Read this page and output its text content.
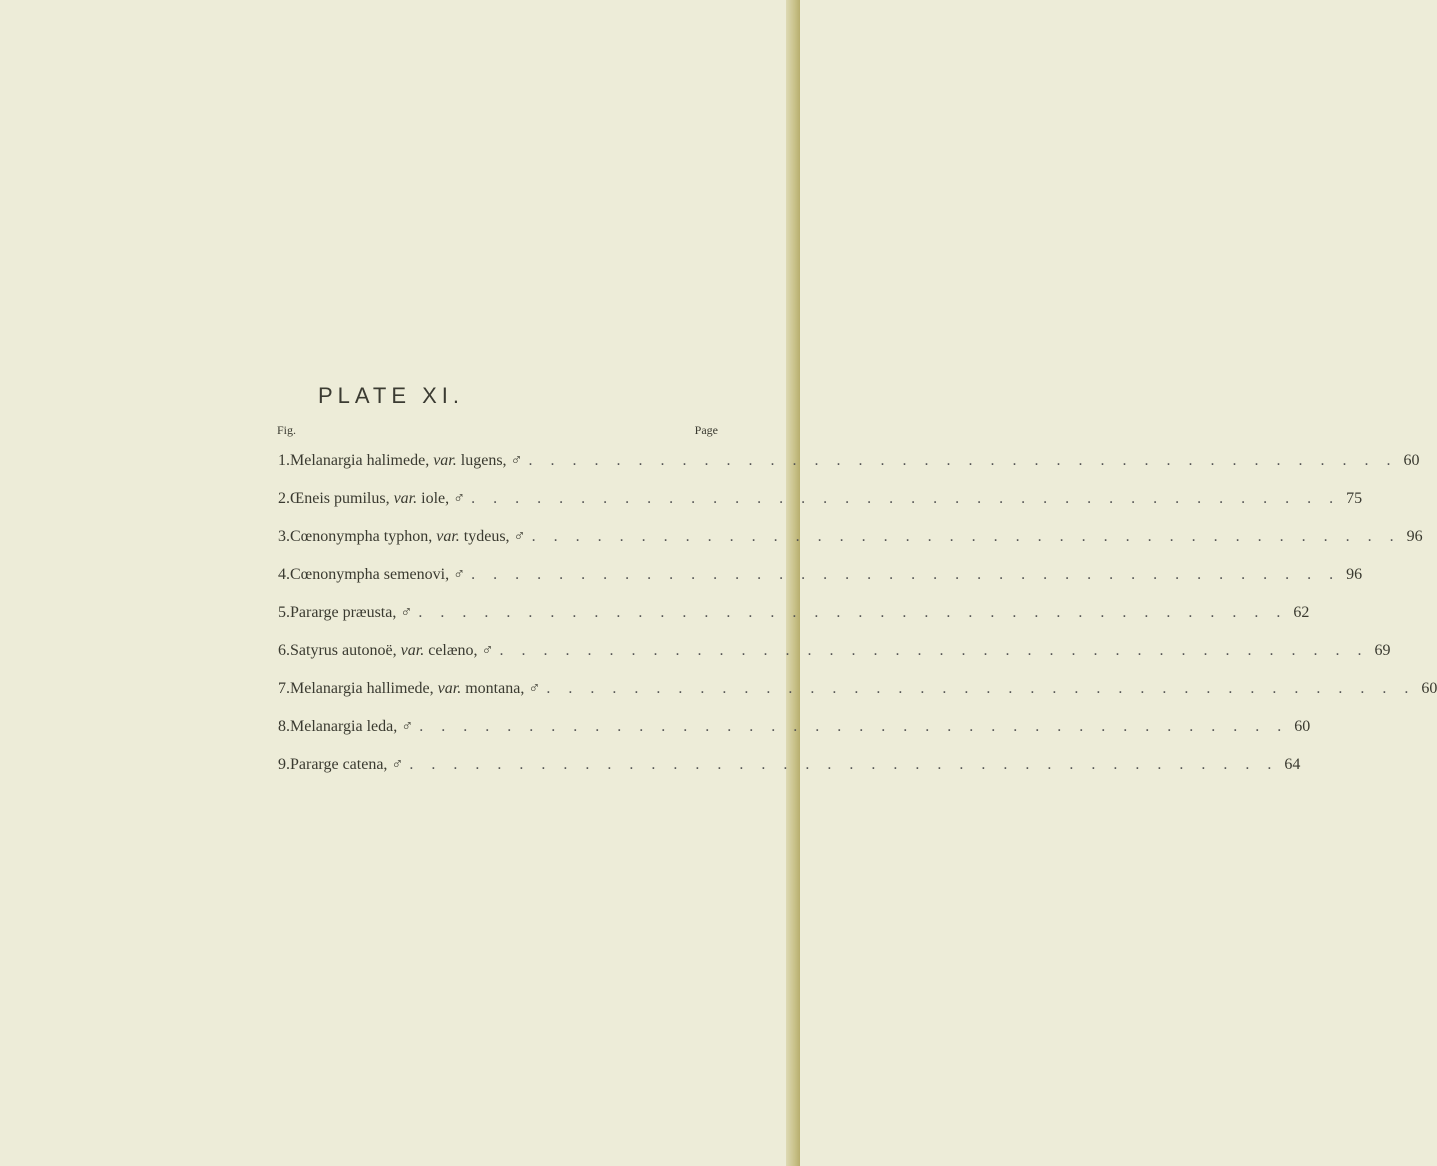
PLATE XI.
Fig.	Page
1. Melanargia halimede, var. lugens, ♂ . . . . . . . . . . . . . . . . . . . . . . . . . . . . . . . . . . . . . . . . 60
2. Œneis pumilus, var. iole, ♂ . . . . . . . . . . . . . . . . . . . . . . . . . . . . . . . . . . . . . . . . 75
3. Cœnonympha typhon, var. tydeus, ♂ . . . . . . . . . . . . . . . . . . . . . . . . . . . . . . . . . . . . . . . . 96
4. Cœnonympha semenovi, ♂ . . . . . . . . . . . . . . . . . . . . . . . . . . . . . . . . . . . . . . . . 96
5. Pararge præusta, ♂ . . . . . . . . . . . . . . . . . . . . . . . . . . . . . . . . . . . . . . . . 62
6. Satyrus autonoë, var. celæno, ♂ . . . . . . . . . . . . . . . . . . . . . . . . . . . . . . . . . . . . . . . . 69
7. Melanargia hallimede, var. montana, ♂ . . . . . . . . . . . . . . . . . . . . . . . . . . . . . . . . . . . . . . . . 60
8. Melanargia leda, ♂ . . . . . . . . . . . . . . . . . . . . . . . . . . . . . . . . . . . . . . . . 60
9. Pararge catena, ♂ . . . . . . . . . . . . . . . . . . . . . . . . . . . . . . . . . . . . . . . . 64
